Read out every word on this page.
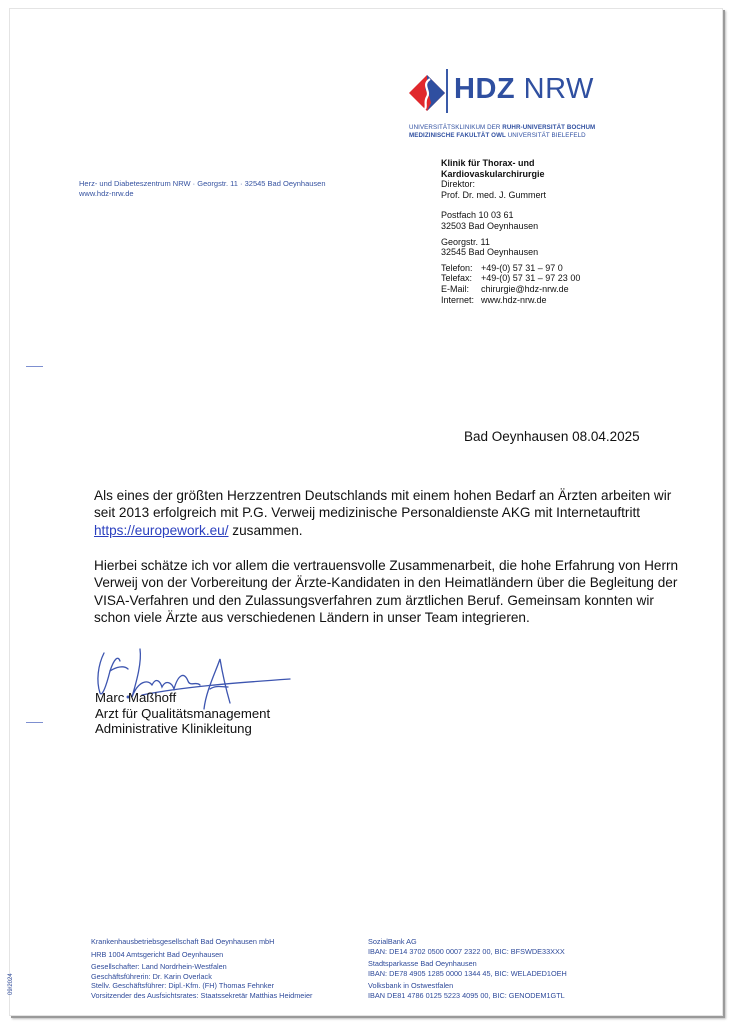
HDZ NRW
UNIVERSITÄTSKLINIKUM DER RUHR-UNIVERSITÄT BOCHUM
MEDIZINISCHE FAKULTÄT OWL UNIVERSITÄT BIELEFELD
Herz- und Diabeteszentrum NRW · Georgstr. 11 · 32545 Bad Oeynhausen
www.hdz-nrw.de
Klinik für Thorax- und
Kardiovaskularchirurgie
Direktor:
Prof. Dr. med. J. Gummert
Postfach 10 03 61
32503 Bad Oeynhausen
Georgstr. 11
32545 Bad Oeynhausen
Telefon: +49-(0) 57 31 – 97 0
Telefax: +49-(0) 57 31 – 97 23 00
E-Mail:	chirurgie@hdz-nrw.de
Internet: www.hdz-nrw.de
Bad Oeynhausen 08.04.2025
Als eines der größten Herzzentren Deutschlands mit einem hohen Bedarf an Ärzten arbeiten wir seit 2013 erfolgreich mit P.G. Verweij medizinische Personaldienste AKG mit Internetauftritt https://europework.eu/ zusammen.
Hierbei schätze ich vor allem die vertrauensvolle Zusammenarbeit, die hohe Erfahrung von Herrn Verweij von der Vorbereitung der Ärzte-Kandidaten in den Heimatländern über die Begleitung der VISA-Verfahren und den Zulassungsverfahren zum ärztlichen Beruf. Gemeinsam konnten wir schon viele Ärzte aus verschiedenen Ländern in unser Team integrieren.
Marc Maßhoff
Arzt für Qualitätsmanagement
Administrative Klinikleitung
Krankenhausbetriebsgesellschaft Bad Oeynhausen mbH
HRB 1004 Amtsgericht Bad Oeynhausen
Gesellschafter: Land Nordrhein-Westfalen
Geschäftsführerin: Dr. Karin Overlack
Stellv. Geschäftsführer: Dipl.-Kfm. (FH) Thomas Fehnker
Vorsitzender des Ausfsichtsrates: Staatssekretär Matthias Heidmeier
SozialBank AG
IBAN: DE14 3702 0500 0007 2322 00, BIC: BFSWDE33XXX
Stadtsparkasse Bad Oeynhausen
IBAN: DE78 4905 1285 0000 1344 45, BIC: WELADED1OEH
Volksbank in Ostwestfalen
IBAN DE81 4786 0125 5223 4095 00, BIC: GENODEM1GTL
09/2024
